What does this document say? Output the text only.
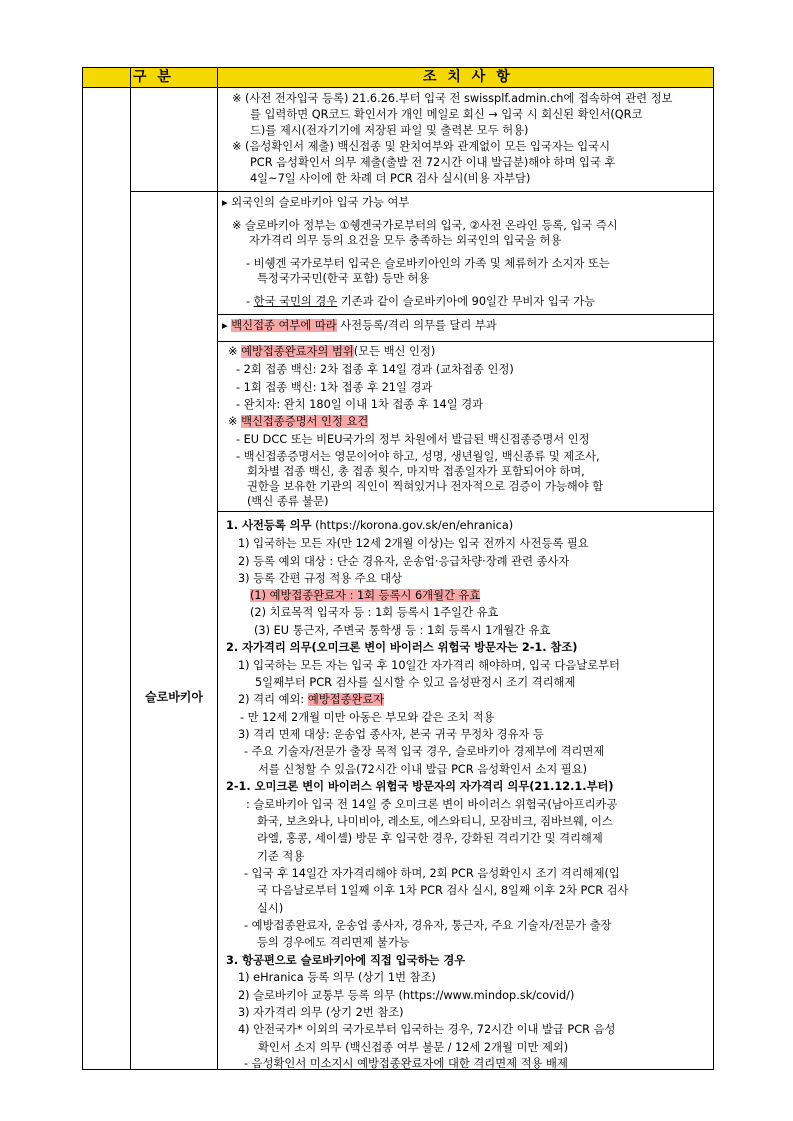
구 분	조 치 사 항
슬로바키아
※ (사전 전자입국 등록) 21.6.26.부터 입국 전 swissplf.admin.ch에 접속하여 관련 정보
를 입력하면 QR코드 확인서가 개인 메일로 회신 → 입국 시 회신된 확인서(QR코
드)를 제시(전자기기에 저장된 파일 및 출력본 모두 허용)
※ (음성확인서 제출) 백신접종 및 완치여부와 관계없이 모든 입국자는 입국시
PCR 음성확인서 의무 제출(출발 전 72시간 이내 발급분)해야 하며 입국 후
4일~7일 사이에 한 차례 더 PCR 검사 실시(비용 자부담)
▸ 외국인의 슬로바키아 입국 가능 여부
※ 슬로바키아 정부는 ①쉥겐국가로부터의 입국, ②사전 온라인 등록, 입국 즉시
자가격리 의무 등의 요건을 모두 충족하는 외국인의 입국을 허용
- 비쉥겐 국가로부터 입국은 슬로바키아인의 가족 및 체류허가 소지자 또는
특정국가국민(한국 포함) 등만 허용
- 한국 국민의 경우 기존과 같이 슬로바키아에 90일간 무비자 입국 가능
▸ 백신접종 여부에 따라 사전등록/격리 의무를 달리 부과
※ 예방접종완료자의 범위(모든 백신 인정)
- 2회 접종 백신: 2차 접종 후 14일 경과 (교차접종 인정)
- 1회 접종 백신: 1차 접종 후 21일 경과
- 완치자: 완치 180일 이내 1차 접종 후 14일 경과
※ 백신접종증명서 인정 요건
- EU DCC 또는 비EU국가의 정부 차원에서 발급된 백신접종증명서 인정
- 백신접종증명서는 영문이어야 하고, 성명, 생년월일, 백신종류 및 제조사,
회차별 접종 백신, 총 접종 횟수, 마지막 접종일자가 포함되어야 하며,
권한을 보유한 기관의 직인이 찍혀있거나 전자적으로 검증이 가능해야 함
(백신 종류 불문)
1. 사전등록 의무 (https://korona.gov.sk/en/ehranica)
1) 입국하는 모든 자(만 12세 2개월 이상)는 입국 전까지 사전등록 필요
2) 등록 예외 대상 : 단순 경유자, 운송업·응급차량·장례 관련 종사자
3) 등록 간편 규정 적용 주요 대상
(1) 예방접종완료자 : 1회 등록시 6개월간 유효
(2) 치료목적 입국자 등 : 1회 등록시 1주일간 유효
(3) EU 통근자, 주변국 통학생 등 : 1회 등록시 1개월간 유효
2. 자가격리 의무(오미크론 변이 바이러스 위험국 방문자는 2-1. 참조)
1) 입국하는 모든 자는 입국 후 10일간 자가격리 해야하며, 입국 다음날로부터
5일째부터 PCR 검사를 실시할 수 있고 음성판정시 조기 격리해제
2) 격리 예외: 예방접종완료자
- 만 12세 2개월 미만 아동은 부모와 같은 조치 적용
3) 격리 면제 대상: 운송업 종사자, 본국 귀국 무정차 경유자 등
- 주요 기술자/전문가 출장 목적 입국 경우, 슬로바키아 경제부에 격리면제
서를 신청할 수 있음(72시간 이내 발급 PCR 음성확인서 소지 필요)
2-1. 오미크론 변이 바이러스 위험국 방문자의 자가격리 의무(21.12.1.부터)
: 슬로바키아 입국 전 14일 중 오미크론 변이 바이러스 위험국(남아프리카공
화국, 보츠와나, 나미비아, 레소토, 에스와티니, 모잠비크, 짐바브웨, 이스
라엘, 홍콩, 세이셸) 방문 후 입국한 경우, 강화된 격리기간 및 격리해제
기준 적용
- 입국 후 14일간 자가격리해야 하며, 2회 PCR 음성확인시 조기 격리해제(입
국 다음날로부터 1일째 이후 1차 PCR 검사 실시, 8일째 이후 2차 PCR 검사
실시)
- 예방접종완료자, 운송업 종사자, 경유자, 통근자, 주요 기술자/전문가 출장
등의 경우에도 격리면제 불가능
3. 항공편으로 슬로바키아에 직접 입국하는 경우
1) eHranica 등록 의무 (상기 1번 참조)
2) 슬로바키아 교통부 등록 의무 (https://www.mindop.sk/covid/)
3) 자가격리 의무 (상기 2번 참조)
4) 안전국가* 이외의 국가로부터 입국하는 경우, 72시간 이내 발급 PCR 음성
확인서 소지 의무 (백신접종 여부 불문 / 12세 2개월 미만 제외)
- 음성확인서 미소지시 예방접종완료자에 대한 격리면제 적용 배제
